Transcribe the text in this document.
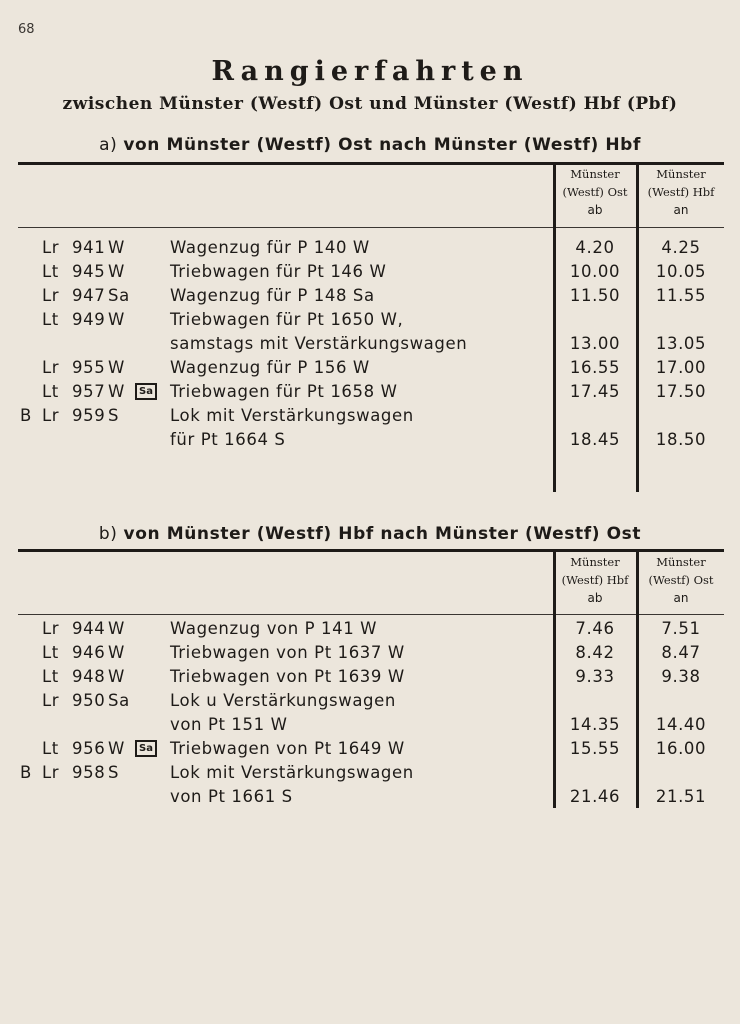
68
Rangierfahrten
zwischen Münster (Westf) Ost und Münster (Westf) Hbf (Pbf)
a) von Münster (Westf) Ost nach Münster (Westf) Hbf
Münster
(Westf) Ost
ab
Münster
(Westf) Hbf
an
Lr 941 W	Wagenzug für P 140 W	4.20	4.25
Lt 945 W	Triebwagen für Pt 146 W	10.00	10.05
Lr 947 Sa Wagenzug für P 148 Sa	11.50	11.55
Lt 949 W	Triebwagen für Pt 1650 W,
samstags mit Verstärkungswagen	13.00	13.05
Lr 955 W	Wagenzug für P 156 W	16.55	17.00
Lt 957 W	Sa Triebwagen für Pt 1658 W	17.45	17.50
B Lr 959 S	Lok mit Verstärkungswagen
für Pt 1664 S	18.45	18.50
b) von Münster (Westf) Hbf nach Münster (Westf) Ost
Münster
(Westf) Hbf
ab
Münster
(Westf) Ost
an
Lr 944 W	Wagenzug von P 141 W	7.46	7.51
Lt 946 W	Triebwagen von Pt 1637 W	8.42	8.47
Lt 948 W	Triebwagen von Pt 1639 W	9.33	9.38
Lr 950 Sa Lok u Verstärkungswagen
von Pt 151 W	14.35	14.40
Lt 956 W	Sa Triebwagen von Pt 1649 W	15.55	16.00
B Lr 958 S	Lok mit Verstärkungswagen
von Pt 1661 S	21.46	21.51
